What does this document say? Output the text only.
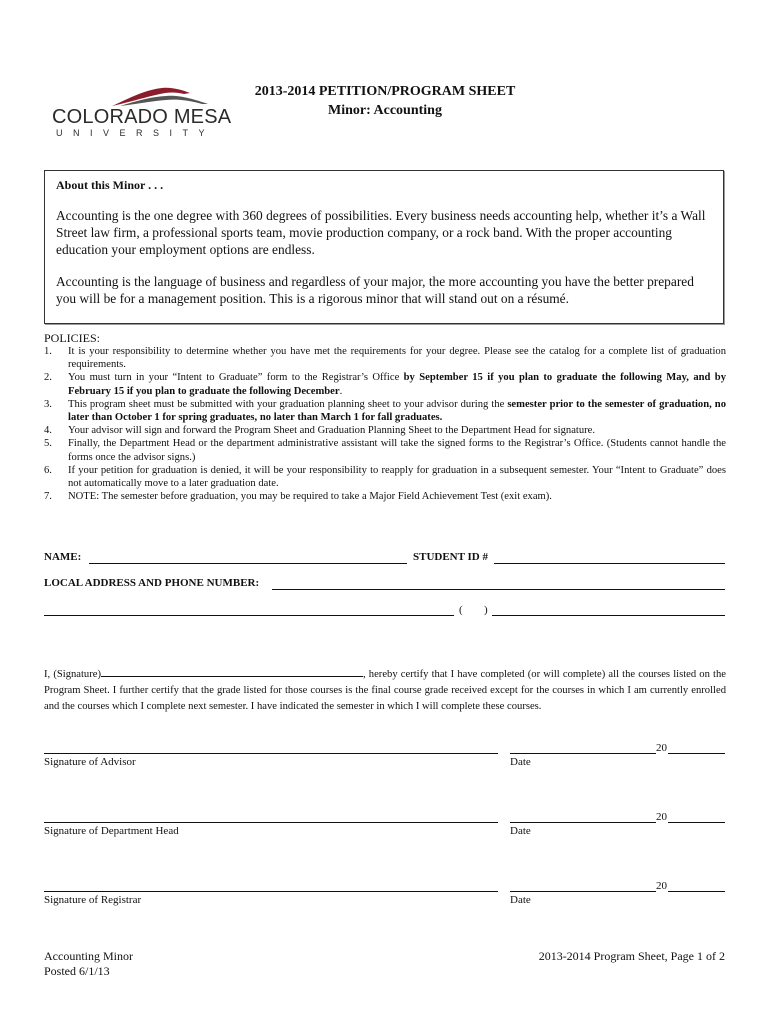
COLORADO MESA
UNIVERSITY
2013-2014 PETITION/PROGRAM SHEET
Minor: Accounting
About this Minor . . .

Accounting is the one degree with 360 degrees of possibilities. Every business needs accounting help, whether it’s a Wall Street law firm, a professional sports team, movie production company, or a rock band. With the proper accounting education your employment options are endless.

Accounting is the language of business and regardless of your major, the more accounting you have the better prepared you will be for a management position. This is a rigorous minor that will stand out on a résumé.

POLICIES:
1. It is your responsibility to determine whether you have met the requirements for your degree. Please see the catalog for a complete list of graduation requirements.
2. You must turn in your “Intent to Graduate” form to the Registrar’s Office by September 15 if you plan to graduate the following May, and by February 15 if you plan to graduate the following December.
3. This program sheet must be submitted with your graduation planning sheet to your advisor during the semester prior to the semester of graduation, no later than October 1 for spring graduates, no later than March 1 for fall graduates.
4. Your advisor will sign and forward the Program Sheet and Graduation Planning Sheet to the Department Head for signature.
5. Finally, the Department Head or the department administrative assistant will take the signed forms to the Registrar’s Office. (Students cannot handle the forms once the advisor signs.)
6. If your petition for graduation is denied, it will be your responsibility to reapply for graduation in a subsequent semester. Your “Intent to Graduate” does not automatically move to a later graduation date.
7. NOTE: The semester before graduation, you may be required to take a Major Field Achievement Test (exit exam).
NAME:	STUDENT ID #
LOCAL ADDRESS AND PHONE NUMBER:
( )
I, (Signature)	, hereby certify that I have completed (or will complete) all the courses listed on the Program Sheet. I further certify that the grade listed for those courses is the final course grade received except for the courses in which I am currently enrolled and the courses which I complete next semester. I have indicated the semester in which I will complete these courses.
Signature of Advisor
20
Date
Signature of Department Head
20
Date
Signature of Registrar
20
Date
Accounting Minor
Posted 6/1/13
2013-2014 Program Sheet, Page 1 of 2
